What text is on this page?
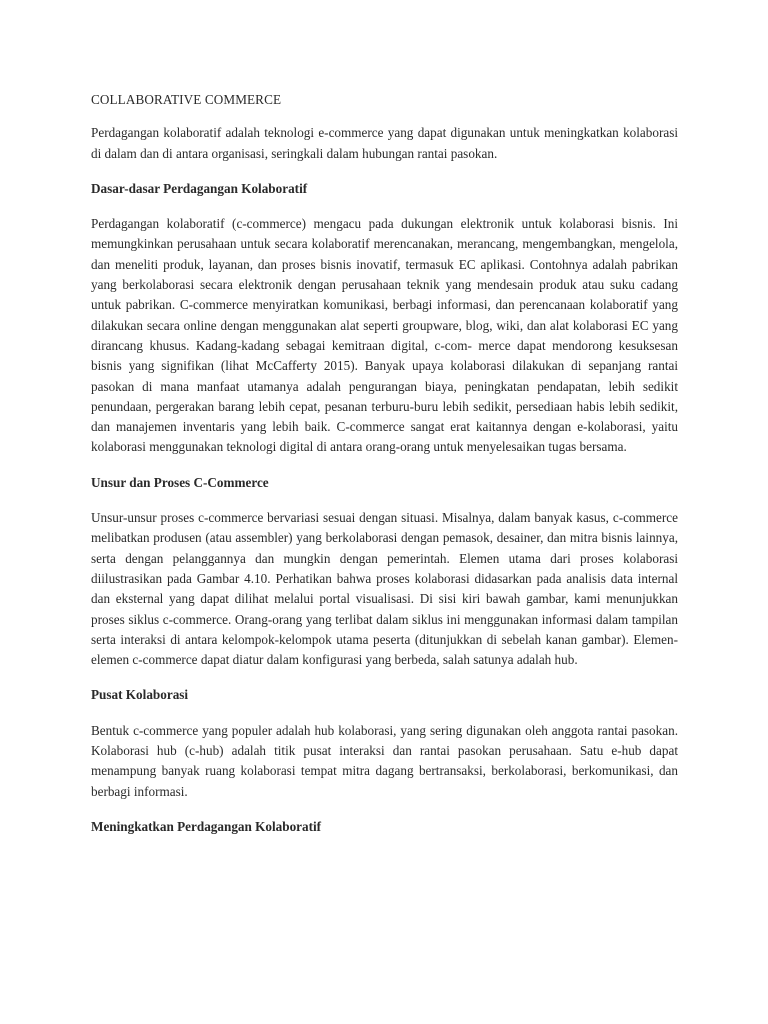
COLLABORATIVE COMMERCE

Perdagangan kolaboratif adalah teknologi e-commerce yang dapat digunakan untuk meningkatkan kolaborasi di dalam dan di antara organisasi, seringkali dalam hubungan rantai pasokan.

Dasar-dasar Perdagangan Kolaboratif

Perdagangan kolaboratif (c-commerce) mengacu pada dukungan elektronik untuk kolaborasi bisnis. Ini memungkinkan perusahaan untuk secara kolaboratif merencanakan, merancang, mengembangkan, mengelola, dan meneliti produk, layanan, dan proses bisnis inovatif, termasuk EC aplikasi. Contohnya adalah pabrikan yang berkolaborasi secara elektronik dengan perusahaan teknik yang mendesain produk atau suku cadang untuk pabrikan. C-commerce menyiratkan komunikasi, berbagi informasi, dan perencanaan kolaboratif yang dilakukan secara online dengan menggunakan alat seperti groupware, blog, wiki, dan alat kolaborasi EC yang dirancang khusus. Kadang-kadang sebagai kemitraan digital, c-com- merce dapat mendorong kesuksesan bisnis yang signifikan (lihat McCafferty 2015). Banyak upaya kolaborasi dilakukan di sepanjang rantai pasokan di mana manfaat utamanya adalah pengurangan biaya, peningkatan pendapatan, lebih sedikit penundaan, pergerakan barang lebih cepat, pesanan terburu-buru lebih sedikit, persediaan habis lebih sedikit, dan manajemen inventaris yang lebih baik. C-commerce sangat erat kaitannya dengan e-kolaborasi, yaitu kolaborasi menggunakan teknologi digital di antara orang-orang untuk menyelesaikan tugas bersama.

Unsur dan Proses C-Commerce

Unsur-unsur proses c-commerce bervariasi sesuai dengan situasi. Misalnya, dalam banyak kasus, c-commerce melibatkan produsen (atau assembler) yang berkolaborasi dengan pemasok, desainer, dan mitra bisnis lainnya, serta dengan pelanggannya dan mungkin dengan pemerintah. Elemen utama dari proses kolaborasi diilustrasikan pada Gambar 4.10. Perhatikan bahwa proses kolaborasi didasarkan pada analisis data internal dan eksternal yang dapat dilihat melalui portal visualisasi. Di sisi kiri bawah gambar, kami menunjukkan proses siklus c-commerce. Orang-orang yang terlibat dalam siklus ini menggunakan informasi dalam tampilan serta interaksi di antara kelompok-kelompok utama peserta (ditunjukkan di sebelah kanan gambar). Elemen-elemen c-commerce dapat diatur dalam konfigurasi yang berbeda, salah satunya adalah hub.

Pusat Kolaborasi

Bentuk c-commerce yang populer adalah hub kolaborasi, yang sering digunakan oleh anggota rantai pasokan. Kolaborasi hub (c-hub) adalah titik pusat interaksi dan rantai pasokan perusahaan. Satu e-hub dapat menampung banyak ruang kolaborasi tempat mitra dagang bertransaksi, berkolaborasi, berkomunikasi, dan berbagi informasi.

Meningkatkan Perdagangan Kolaboratif
